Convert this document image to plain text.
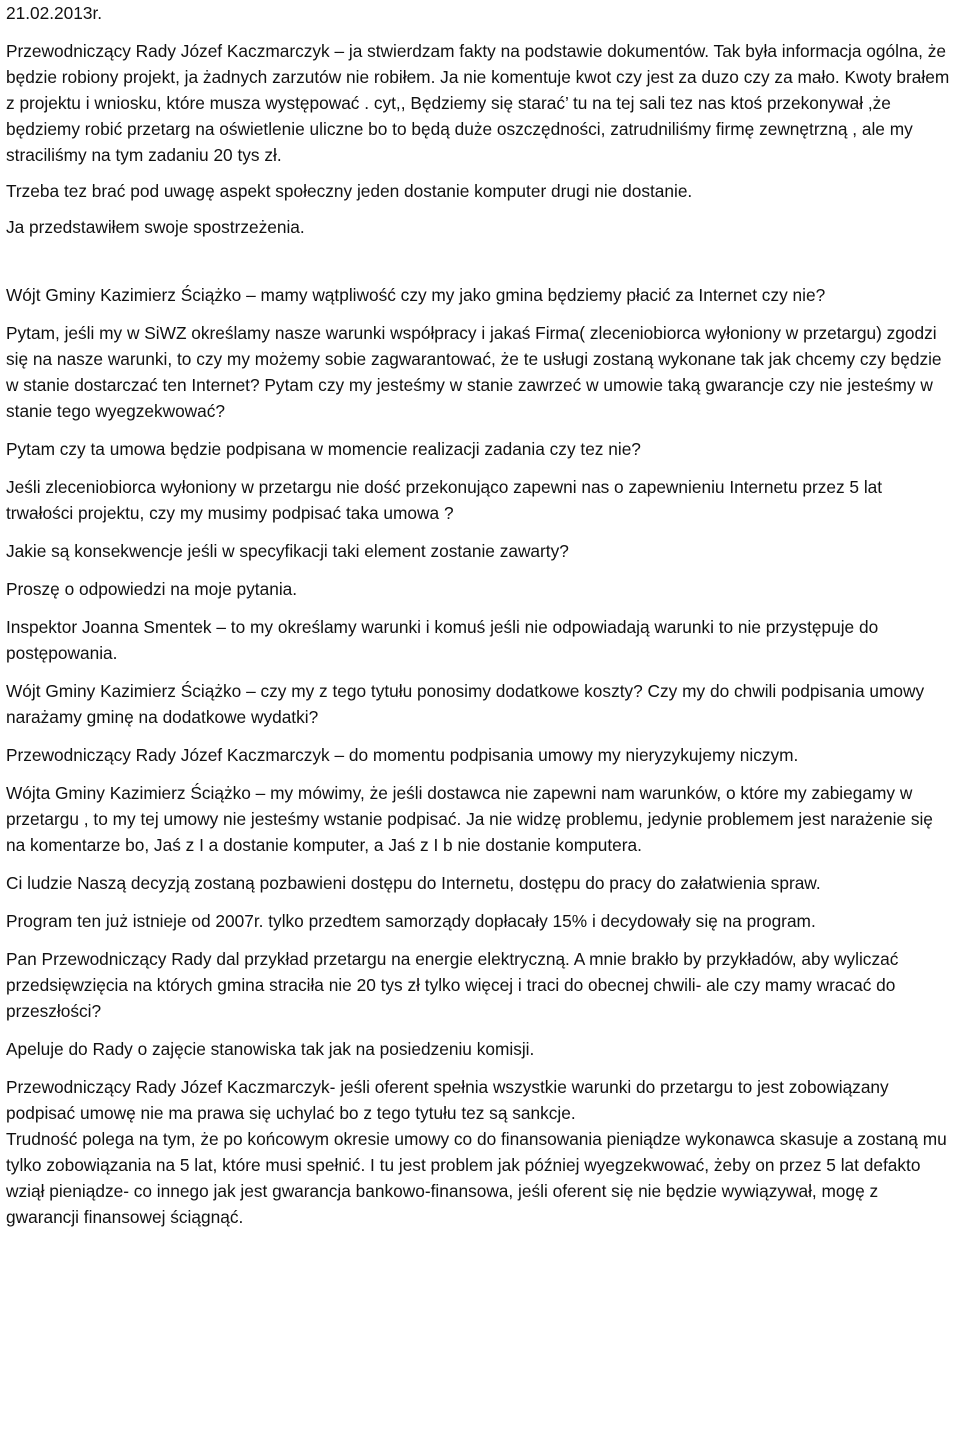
21.02.2013r.

Przewodniczący Rady Józef Kaczmarczyk – ja stwierdzam fakty na podstawie dokumentów. Tak była informacja ogólna, że będzie robiony projekt, ja żadnych zarzutów nie robiłem. Ja nie komentuje kwot czy jest za duzo czy za mało. Kwoty brałem z projektu i wniosku, które musza występować . cyt,, Będziemy się starać’ tu na tej sali tez nas ktoś przekonywał ,że będziemy robić przetarg na oświetlenie uliczne bo to będą duże oszczędności, zatrudniliśmy firmę zewnętrzną , ale my straciliśmy na tym zadaniu 20 tys zł.

Trzeba tez brać pod uwagę aspekt społeczny jeden dostanie komputer drugi nie dostanie.

Ja przedstawiłem swoje spostrzeżenia.

Wójt Gminy Kazimierz Ściążko – mamy wątpliwość czy my jako gmina będziemy płacić za Internet czy nie?

Pytam, jeśli my w SiWZ określamy nasze warunki współpracy i jakaś Firma( zleceniobiorca wyłoniony w przetargu) zgodzi się na nasze warunki, to czy my możemy sobie zagwarantować, że te usługi zostaną wykonane tak jak chcemy czy będzie w stanie dostarczać ten Internet? Pytam czy my jesteśmy w stanie zawrzeć w umowie taką gwarancje czy nie jesteśmy w stanie tego wyegzekwować?

Pytam czy ta umowa będzie podpisana w momencie realizacji zadania czy tez nie?

Jeśli zleceniobiorca wyłoniony w przetargu nie dość przekonująco zapewni nas o zapewnieniu Internetu przez 5 lat trwałości projektu, czy my musimy podpisać taka umowa ?

Jakie są konsekwencje jeśli w specyfikacji taki element zostanie zawarty?

Proszę o odpowiedzi na moje pytania.

Inspektor Joanna Smentek – to my określamy warunki i komuś jeśli nie odpowiadają warunki to nie przystępuje do postępowania.

Wójt Gminy Kazimierz Ściążko – czy my z tego tytułu ponosimy dodatkowe koszty? Czy my do chwili podpisania umowy narażamy gminę na dodatkowe wydatki?

Przewodniczący Rady Józef Kaczmarczyk – do momentu podpisania umowy my nieryzykujemy niczym.

Wójta Gminy Kazimierz Ściążko – my mówimy, że jeśli dostawca nie zapewni nam warunków, o które my zabiegamy w przetargu , to my tej umowy nie jesteśmy wstanie podpisać. Ja nie widzę problemu, jedynie problemem jest narażenie się na komentarze bo, Jaś z I a dostanie komputer, a Jaś z I b nie dostanie komputera.

Ci ludzie Naszą decyzją zostaną pozbawieni dostępu do Internetu, dostępu do pracy do załatwienia spraw.

Program ten już istnieje od 2007r. tylko przedtem samorządy dopłacały 15% i decydowały się na program.

Pan Przewodniczący Rady dal przykład przetargu na energie elektryczną. A mnie brakło by przykładów, aby wyliczać przedsięwzięcia na których gmina straciła nie 20 tys zł tylko więcej i traci do obecnej chwili- ale czy mamy wracać do przeszłości?

Apeluje do Rady o zajęcie stanowiska tak jak na posiedzeniu komisji.

Przewodniczący Rady Józef Kaczmarczyk- jeśli oferent spełnia wszystkie warunki do przetargu to jest zobowiązany podpisać umowę nie ma prawa się uchylać bo z tego tytułu tez są sankcje.

Trudność polega na tym, że po końcowym okresie umowy co do finansowania pieniądze wykonawca skasuje a zostaną mu tylko zobowiązania na 5 lat, które musi spełnić. I tu jest problem jak później wyegzekwować, żeby on przez 5 lat defakto wziął pieniądze- co innego jak jest gwarancja bankowo-finansowa, jeśli oferent się nie będzie wywiązywał, mogę z gwarancji finansowej ściągnąć.
